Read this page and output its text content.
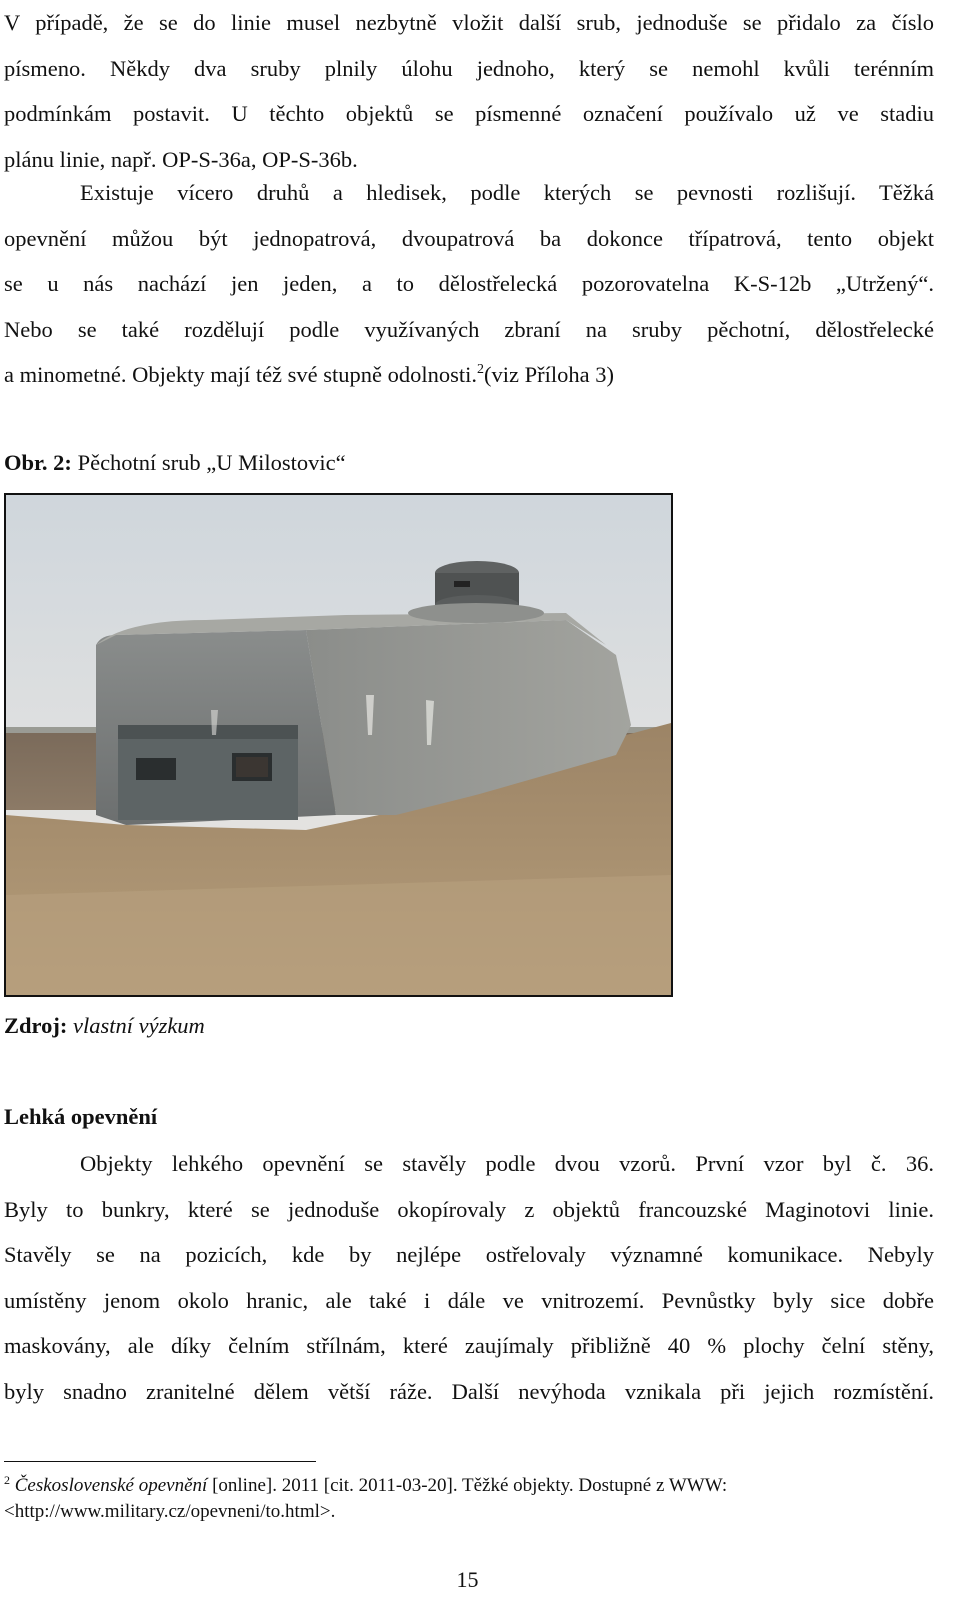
V případě, že se do linie musel nezbytně vložit další srub, jednoduše se přidalo za číslo
písmeno. Někdy dva sruby plnily úlohu jednoho, který se nemohl kvůli terénním
podmínkám postavit. U těchto objektů se písmenné označení používalo už ve stadiu
plánu linie, např. OP-S-36a, OP-S-36b.
Existuje vícero druhů a hledisek, podle kterých se pevnosti rozlišují. Těžká
opevnění můžou být jednopatrová, dvoupatrová ba dokonce třípatrová, tento objekt
se u nás nachází jen jeden, a to dělostřelecká pozorovatelna K-S-12b „Utržený“.
Nebo se také rozdělují podle využívaných zbraní na sruby pěchotní, dělostřelecké
a minometné. Objekty mají též své stupně odolnosti.$^2$(viz Příloha 3)
Obr. 2: Pěchotní srub „U Milostovic“
Zdroj: vlastní výzkum
Lehká opevnění
Objekty lehkého opevnění se stavěly podle dvou vzorů. První vzor byl č. 36.
Byly to bunkry, které se jednoduše okopírovaly z objektů francouzské Maginotovi linie.
Stavěly se na pozicích, kde by nejlépe ostřelovaly významné komunikace. Nebyly
umístěny jenom okolo hranic, ale také i dále ve vnitrozemí. Pevnůstky byly sice dobře
maskovány, ale díky čelním střílnám, které zaujímaly přibližně 40 % plochy čelní stěny,
byly snadno zranitelné dělem větší ráže. Další nevýhoda vznikala při jejich rozmístění.
$^2$ Československé opevnění [online]. 2011 [cit. 2011-03-20]. Těžké objekty. Dostupné z WWW:
<http://www.military.cz/opevneni/to.html>.
15
